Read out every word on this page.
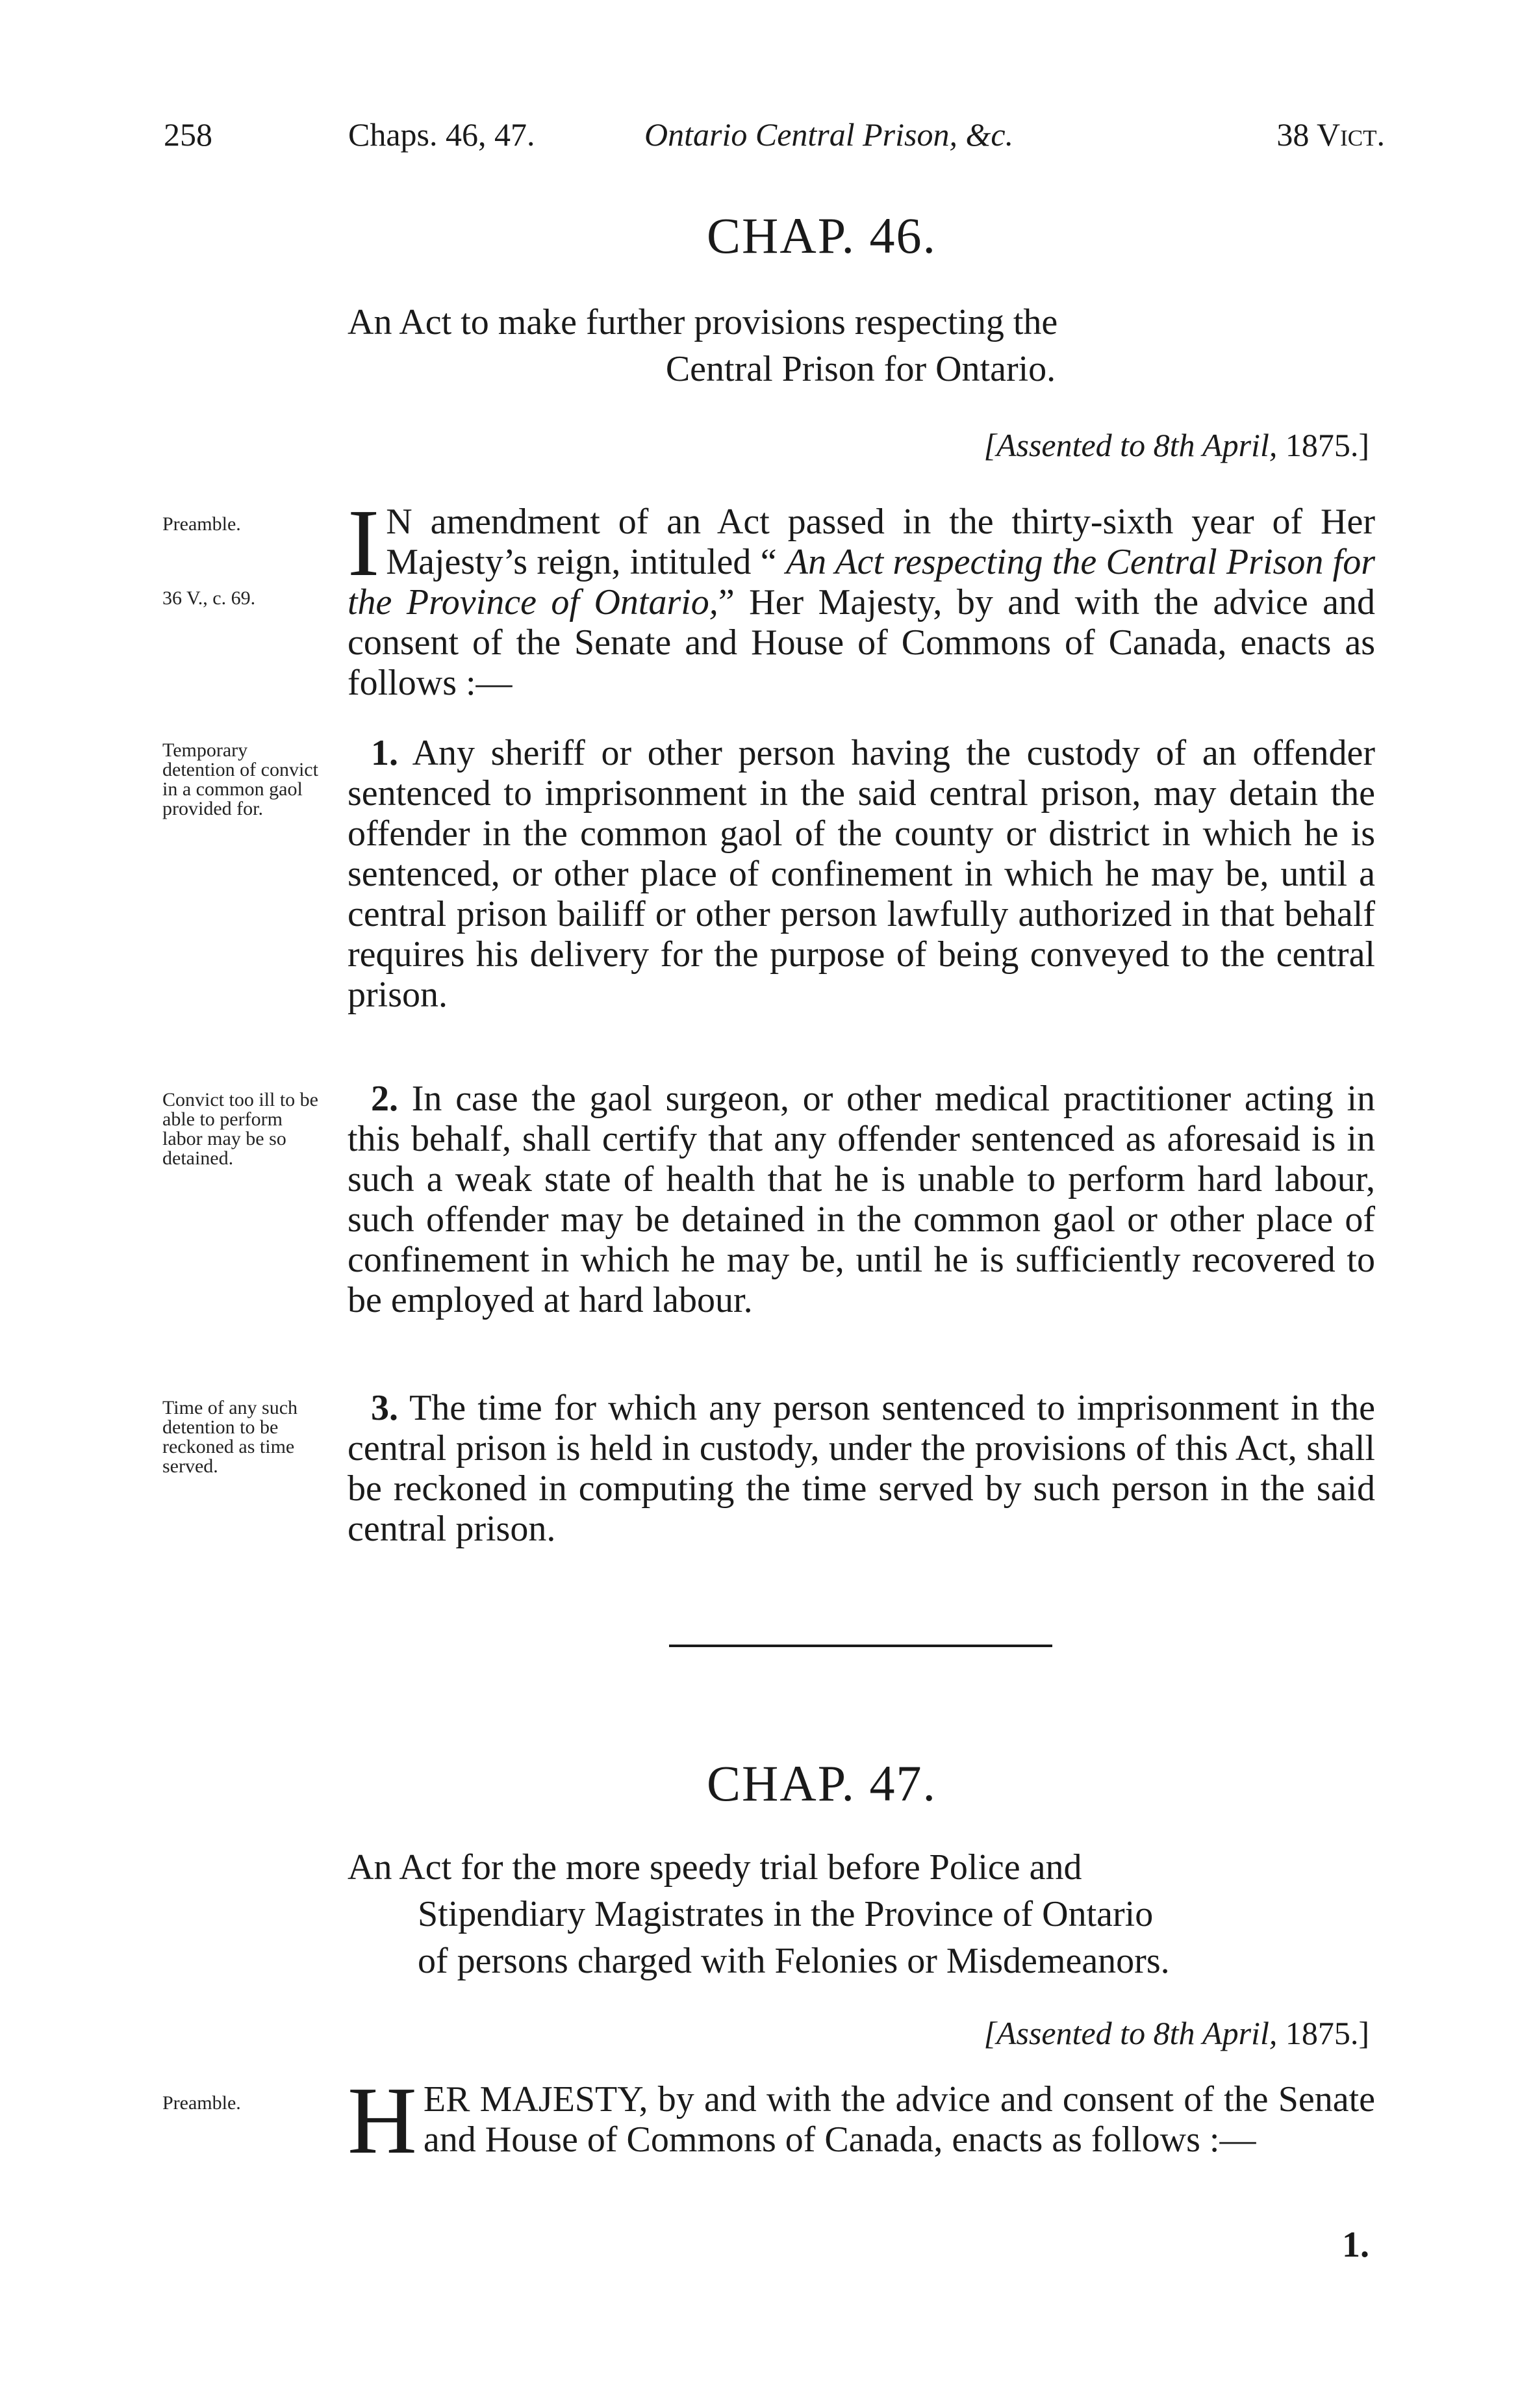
258	Chaps. 46, 47.	Ontario Central Prison, &c.	38 Vict.
CHAP. 46.
An Act to make further provisions respecting the
Central Prison for Ontario.
[Assented to 8th April, 1875.]
Preamble.
36 V., c. 69.

I N amendment of an Act passed in the thirty-sixth year of Her Majesty’s reign, intituled “ An Act respecting the Central Prison for the Province of Ontario,” Her Majesty, by and with the advice and consent of the Senate and House of Commons of Canada, enacts as follows :—

Temporary detention of convict in a common gaol provided for.

1. Any sheriff or other person having the custody of an offender sentenced to imprisonment in the said central prison, may detain the offender in the common gaol of the county or district in which he is sentenced, or other place of confinement in which he may be, until a central prison bailiff or other person lawfully authorized in that behalf requires his delivery for the purpose of being conveyed to the central prison.

Convict too ill to be able to perform labor may be so detained.

2. In case the gaol surgeon, or other medical practitioner acting in this behalf, shall certify that any offender sentenced as aforesaid is in such a weak state of health that he is unable to perform hard labour, such offender may be detained in the common gaol or other place of confinement in which he may be, until he is sufficiently recovered to be employed at hard labour.

Time of any such detention to be reckoned as time served.

3. The time for which any person sentenced to imprisonment in the central prison is held in custody, under the provisions of this Act, shall be reckoned in computing the time served by such person in the said central prison.

CHAP. 47.
An Act for the more speedy trial before Police and
Stipendiary Magistrates in the Province of Ontario
of persons charged with Felonies or Misdemeanors.
[Assented to 8th April, 1875.]
Preamble.	HER MAJESTY, by and with the advice and consent of the Senate and House of Commons of Canada, enacts as follows :—

1.
